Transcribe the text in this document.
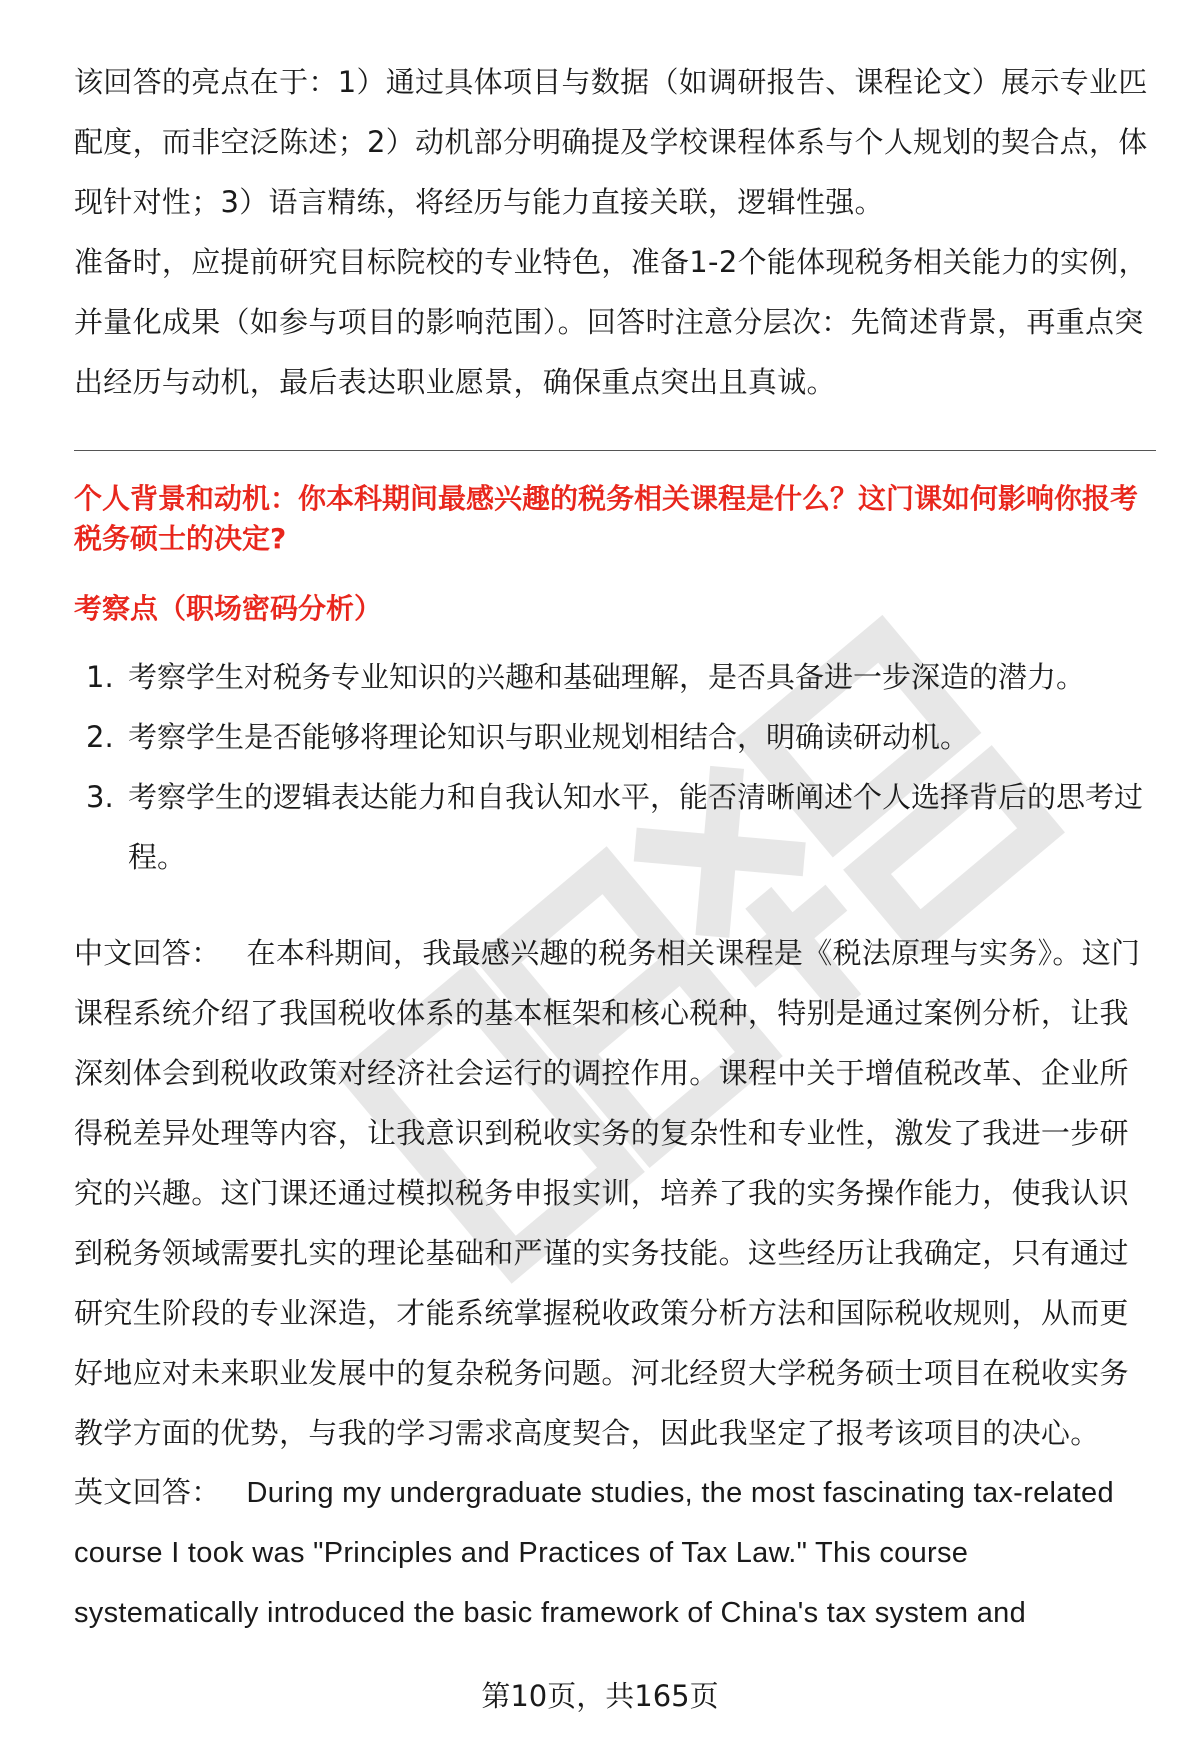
该回答的亮点在于：1）通过具体项目与数据（如调研报告、课程论文）展示专业匹配度，而非空泛陈述；2）动机部分明确提及学校课程体系与个人规划的契合点，体现针对性；3）语言精练，将经历与能力直接关联，逻辑性强。

准备时，应提前研究目标院校的专业特色，准备1-2个能体现税务相关能力的实例，并量化成果（如参与项目的影响范围）。回答时注意分层次：先简述背景，再重点突出经历与动机，最后表达职业愿景，确保重点突出且真诚。

个人背景和动机：你本科期间最感兴趣的税务相关课程是什么？这门课如何影响你报考税务硕士的决定?

考察点（职场密码分析）

1. 考察学生对税务专业知识的兴趣和基础理解，是否具备进一步深造的潜力。
2. 考察学生是否能够将理论知识与职业规划相结合，明确读研动机。
3. 考察学生的逻辑表达能力和自我认知水平，能否清晰阐述个人选择背后的思考过程。

中文回答： 在本科期间，我最感兴趣的税务相关课程是《税法原理与实务》。这门课程系统介绍了我国税收体系的基本框架和核心税种，特别是通过案例分析，让我深刻体会到税收政策对经济社会运行的调控作用。课程中关于增值税改革、企业所得税差异处理等内容，让我意识到税收实务的复杂性和专业性，激发了我进一步研究的兴趣。这门课还通过模拟税务申报实训，培养了我的实务操作能力，使我认识到税务领域需要扎实的理论基础和严谨的实务技能。这些经历让我确定，只有通过研究生阶段的专业深造，才能系统掌握税收政策分析方法和国际税收规则，从而更好地应对未来职业发展中的复杂税务问题。河北经贸大学税务硕士项目在税收实务教学方面的优势，与我的学习需求高度契合，因此我坚定了报考该项目的决心。

英文回答： During my undergraduate studies, the most fascinating tax-related course I took was "Principles and Practices of Tax Law." This course systematically introduced the basic framework of China's tax system and

第10页，共165页
